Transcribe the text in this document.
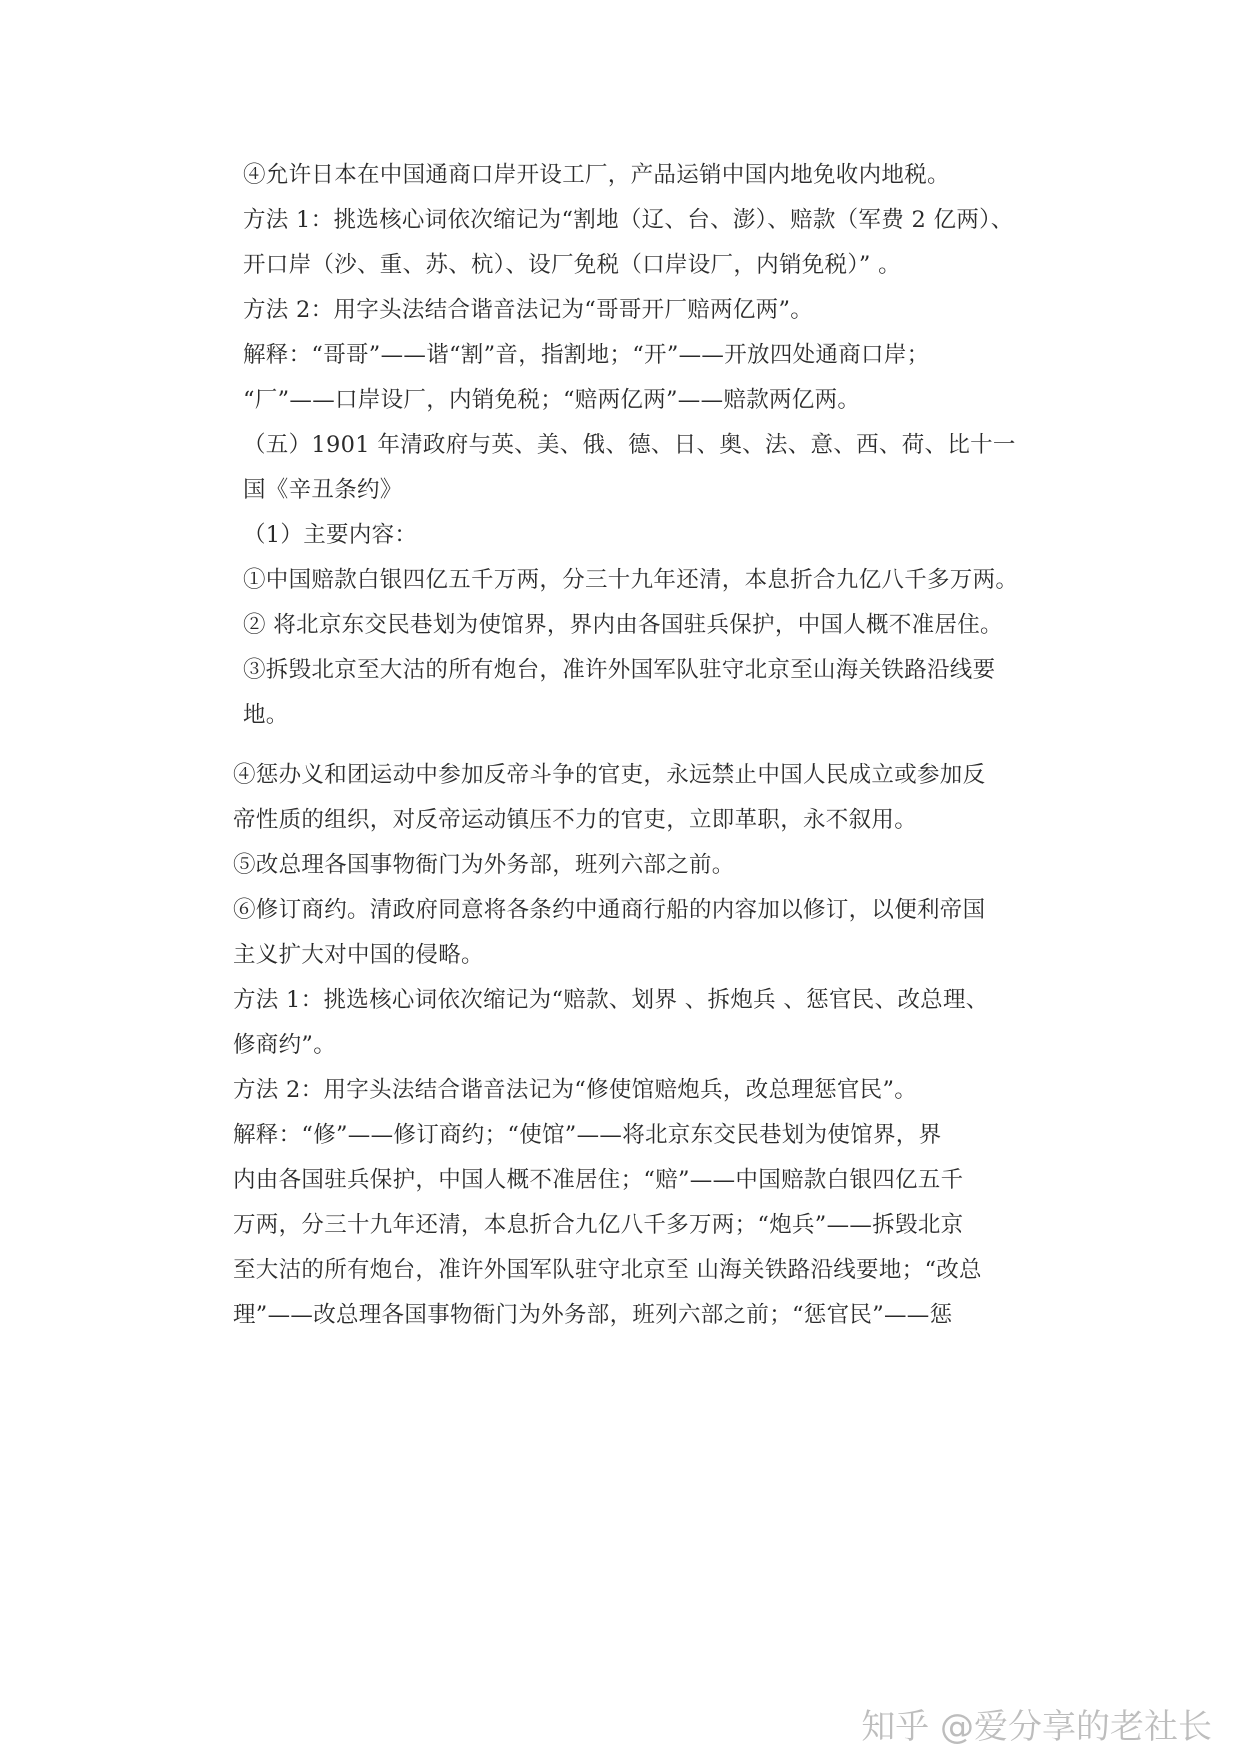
④允许日本在中国通商口岸开设工厂，产品运销中国内地免收内地税。
方法 1：挑选核心词依次缩记为“割地（辽、台、澎）、赔款（军费 2 亿两）、
开口岸（沙、重、苏、杭）、设厂免税（口岸设厂，内销免税）” 。
方法 2：用字头法结合谐音法记为“哥哥开厂赔两亿两”。
解释：“哥哥”——谐“割”音，指割地；“开”——开放四处通商口岸；
“厂”——口岸设厂，内销免税；“赔两亿两”——赔款两亿两。
（五）1901 年清政府与英、美、俄、德、日、奥、法、意、西、荷、比十一
国《辛丑条约》
（1）主要内容：
①中国赔款白银四亿五千万两，分三十九年还清，本息折合九亿八千多万两。
② 将北京东交民巷划为使馆界，界内由各国驻兵保护，中国人概不准居住。
③拆毁北京至大沽的所有炮台，准许外国军队驻守北京至山海关铁路沿线要
地。
④惩办义和团运动中参加反帝斗争的官吏，永远禁止中国人民成立或参加反
帝性质的组织，对反帝运动镇压不力的官吏，立即革职，永不叙用。
⑤改总理各国事物衙门为外务部，班列六部之前。
⑥修订商约。清政府同意将各条约中通商行船的内容加以修订，以便利帝国
主义扩大对中国的侵略。
方法 1：挑选核心词依次缩记为“赔款、划界 、拆炮兵 、惩官民、改总理、
修商约”。
方法 2：用字头法结合谐音法记为“修使馆赔炮兵，改总理惩官民”。
解释：“修”——修订商约；“使馆”——将北京东交民巷划为使馆界，界
内由各国驻兵保护，中国人概不准居住；“赔”——中国赔款白银四亿五千
万两，分三十九年还清，本息折合九亿八千多万两；“炮兵”——拆毁北京
至大沽的所有炮台，准许外国军队驻守北京至 山海关铁路沿线要地；“改总
理”——改总理各国事物衙门为外务部，班列六部之前；“惩官民”——惩
知乎 @爱分享的老社长
